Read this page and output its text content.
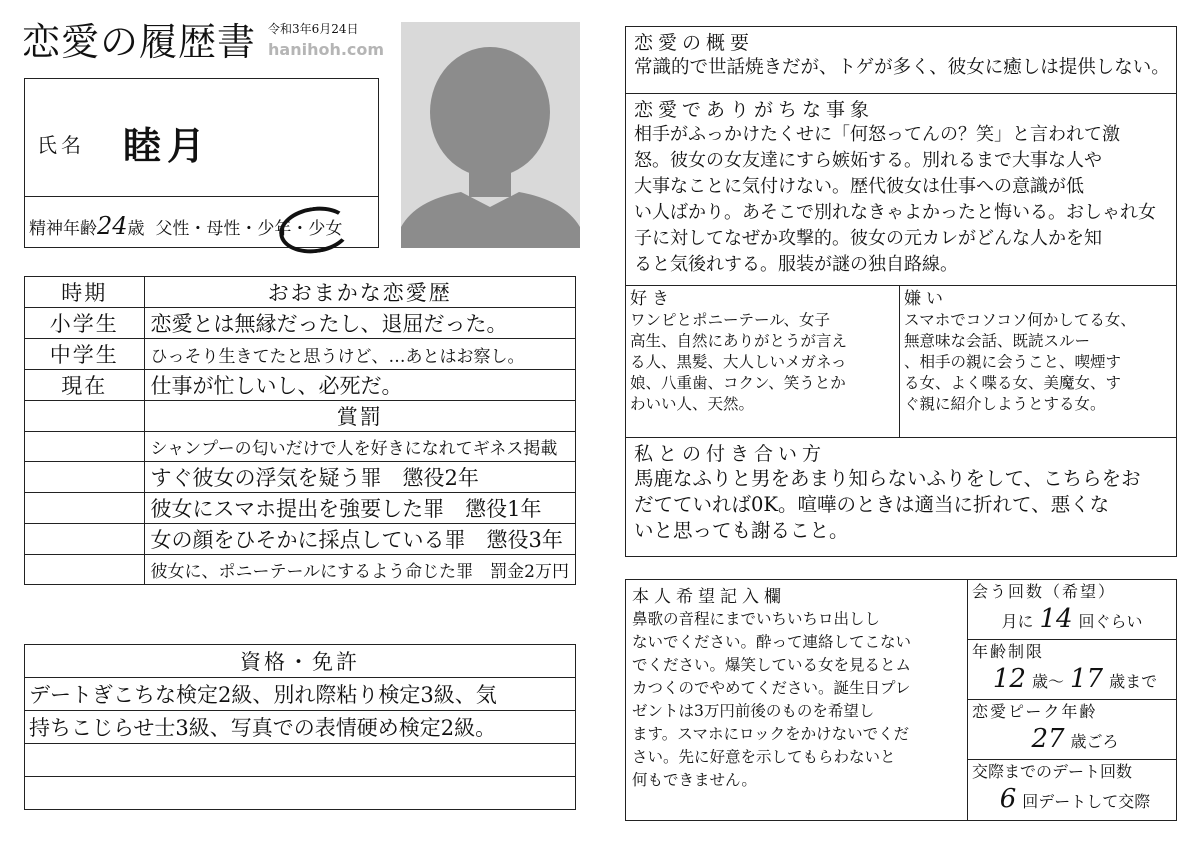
恋愛の履歴書 令和3年6月24日
hanihoh.com
氏名 睦月
精神年齢24歳 父性・母性・少年・少女
時期	おおまかな恋愛歴
小学生	恋愛とは無縁だったし、退屈だった。
中学生	ひっそり生きてたと思うけど、…あとはお察し。
現在	仕事が忙しいし、必死だ。
	賞罰
	シャンプーの匂いだけで人を好きになれてギネス掲載
	すぐ彼女の浮気を疑う罪　懲役2年
	彼女にスマホ提出を強要した罪　懲役1年
	女の顔をひそかに採点している罪　懲役3年
	彼女に、ポニーテールにするよう命じた罪　罰金2万円
資格・免許
デートぎこちな検定2級、別れ際粘り検定3級、気
持ちこじらせ士3級、写真での表情硬め検定2級。

恋愛の概要
常識的で世話焼きだが、トゲが多く、彼女に癒しは提供しない。
恋愛でありがちな事象
相手がふっかけたくせに「何怒ってんの？笑」と言われて激
怒。彼女の女友達にすら嫉妬する。別れるまで大事な人や
大事なことに気付けない。歴代彼女は仕事への意識が低
い人ばかり。あそこで別れなきゃよかったと悔いる。おしゃれ女
子に対してなぜか攻撃的。彼女の元カレがどんな人かを知
ると気後れする。服装が謎の独自路線。
好き
ワンピとポニーテール、女子
高生、自然にありがとうが言え
る人、黒髪、大人しいメガネっ
娘、八重歯、コクン、笑うとか
わいい人、天然。
嫌い
スマホでコソコソ何かしてる女、
無意味な会話、既読スルー
、相手の親に会うこと、喫煙す
る女、よく喋る女、美魔女、す
ぐ親に紹介しようとする女。
私との付き合い方
馬鹿なふりと男をあまり知らないふりをして、こちらをお
だてていれば0K。喧嘩のときは適当に折れて、悪くな
いと思っても謝ること。
本人希望記入欄
鼻歌の音程にまでいちいちロ出しし
ないでください。酔って連絡してこない
でください。爆笑している女を見るとム
カつくのでやめてください。誕生日プレ
ゼントは3万円前後のものを希望し
ます。スマホにロックをかけないでくだ
さい。先に好意を示してもらわないと
何もできません。
会う回数（希望）
月に 14 回ぐらい
年齢制限
12 歳〜 17 歳まで
恋愛ピーク年齢
27 歳ごろ
交際までのデート回数
6 回デートして交際
